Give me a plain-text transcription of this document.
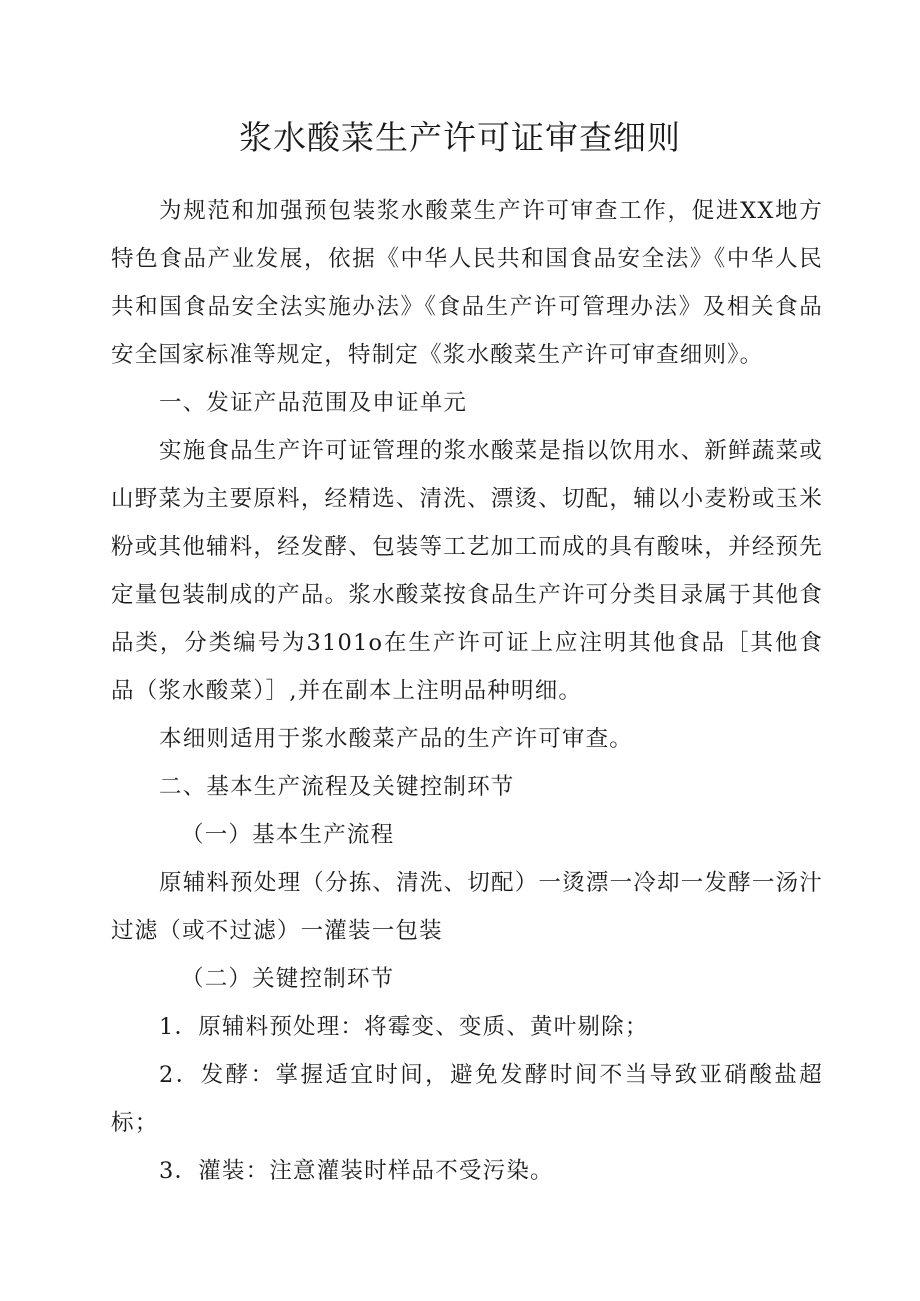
浆水酸菜生产许可证审查细则

为规范和加强预包装浆水酸菜生产许可审查工作，促进XX地方特色食品产业发展，依据《中华人民共和国食品安全法》《中华人民共和国食品安全法实施办法》《食品生产许可管理办法》及相关食品安全国家标准等规定，特制定《浆水酸菜生产许可审查细则》。

一、发证产品范围及申证单元

实施食品生产许可证管理的浆水酸菜是指以饮用水、新鲜蔬菜或山野菜为主要原料，经精选、清洗、漂烫、切配，辅以小麦粉或玉米粉或其他辅料，经发酵、包装等工艺加工而成的具有酸味，并经预先定量包装制成的产品。浆水酸菜按食品生产许可分类目录属于其他食品类，分类编号为3101o在生产许可证上应注明其他食品［其他食品（浆水酸菜）］,并在副本上注明品种明细。

本细则适用于浆水酸菜产品的生产许可审查。

二、基本生产流程及关键控制环节

（一）基本生产流程

原辅料预处理（分拣、清洗、切配）一烫漂一冷却一发酵一汤汁过滤（或不过滤）一灌装一包装

（二）关键控制环节

1．原辅料预处理：将霉变、变质、黄叶剔除；

2．发酵：掌握适宜时间，避免发酵时间不当导致亚硝酸盐超标；

3．灌装：注意灌装时样品不受污染。
